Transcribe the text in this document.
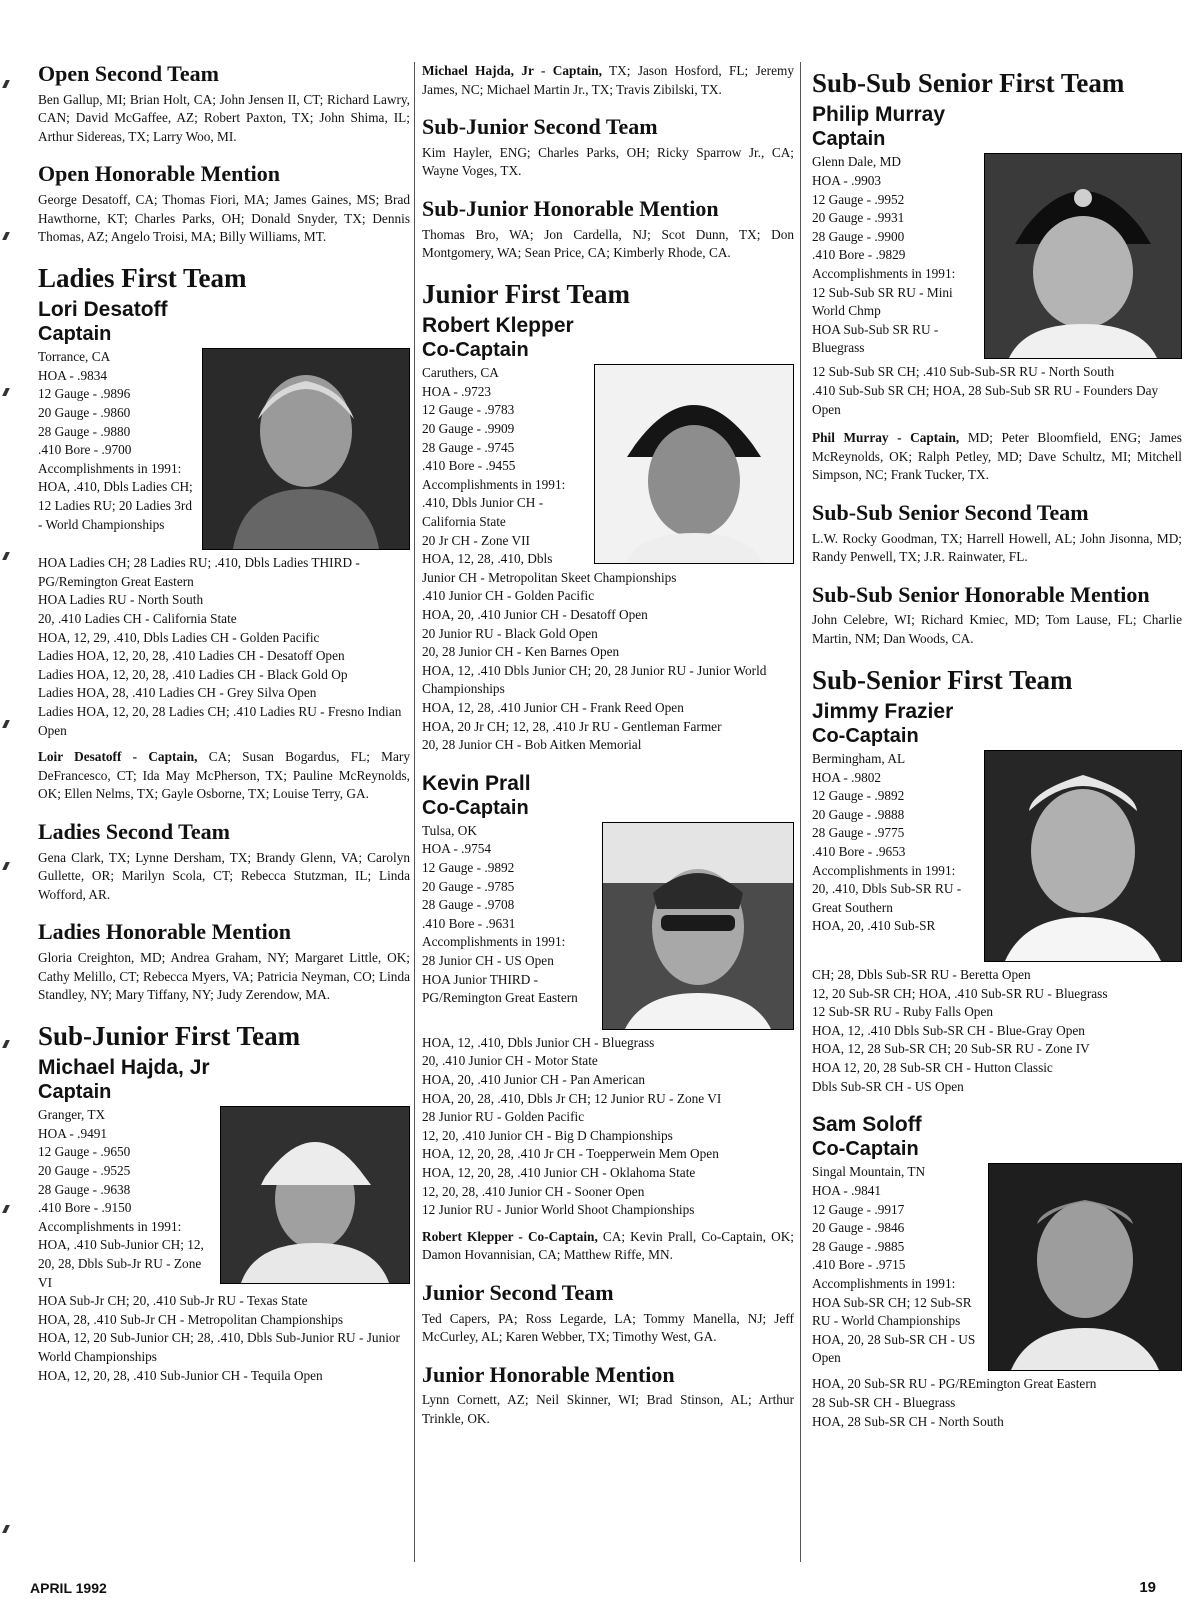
Open Second Team

Ben Gallup, MI; Brian Holt, CA; John Jensen II, CT; Richard Lawry, CAN; David McGaffee, AZ; Robert Paxton, TX; John Shima, IL; Arthur Sidereas, TX; Larry Woo, MI.

Open Honorable Mention

George Desatoff, CA; Thomas Fiori, MA; James Gaines, MS; Brad Hawthorne, KT; Charles Parks, OH; Donald Snyder, TX; Dennis Thomas, AZ; Angelo Troisi, MA; Billy Williams, MT.

Ladies First Team
Lori Desatoff
Captain
Torrance, CA
HOA - .9834
12 Gauge - .9896
20 Gauge - .9860
28 Gauge - .9880
.410 Bore - .9700
Accomplishments in 1991:
HOA, .410, Dbls Ladies CH; 12 Ladies RU; 20 Ladies 3rd - World Championships
HOA Ladies CH; 28 Ladies RU; .410, Dbls Ladies THIRD - PG/Remington Great Eastern
HOA Ladies RU - North South
20, .410 Ladies CH - California State
HOA, 12, 29, .410, Dbls Ladies CH - Golden Pacific
Ladies HOA, 12, 20, 28, .410 Ladies CH - Desatoff Open
Ladies HOA, 12, 20, 28, .410 Ladies CH - Black Gold Op
Ladies HOA, 28, .410 Ladies CH - Grey Silva Open
Ladies HOA, 12, 20, 28 Ladies CH; .410 Ladies RU - Fresno Indian Open

Loir Desatoff - Captain, CA; Susan Bogardus, FL; Mary DeFrancesco, CT; Ida May McPherson, TX; Pauline McReynolds, OK; Ellen Nelms, TX; Gayle Osborne, TX; Louise Terry, GA.

Ladies Second Team

Gena Clark, TX; Lynne Dersham, TX; Brandy Glenn, VA; Carolyn Gullette, OR; Marilyn Scola, CT; Rebecca Stutzman, IL; Linda Wofford, AR.

Ladies Honorable Mention

Gloria Creighton, MD; Andrea Graham, NY; Margaret Little, OK; Cathy Melillo, CT; Rebecca Myers, VA; Patricia Neyman, CO; Linda Standley, NY; Mary Tiffany, NY; Judy Zerendow, MA.

Sub-Junior First Team
Michael Hajda, Jr
Captain
Granger, TX
HOA - .9491
12 Gauge - .9650
20 Gauge - .9525
28 Gauge - .9638
.410 Bore - .9150
Accomplishments in 1991:
HOA, .410 Sub-Junior CH; 12, 20, 28, Dbls Sub-Jr RU - Zone VI
HOA Sub-Jr CH; 20, .410 Sub-Jr RU - Texas State
HOA, 28, .410 Sub-Jr CH - Metropolitan Championships
HOA, 12, 20 Sub-Junior CH; 28, .410, Dbls Sub-Junior RU - Junior World Championships
HOA, 12, 20, 28, .410 Sub-Junior CH - Tequila Open

Michael Hajda, Jr - Captain, TX; Jason Hosford, FL; Jeremy James, NC; Michael Martin Jr., TX; Travis Zibilski, TX.

Sub-Junior Second Team

Kim Hayler, ENG; Charles Parks, OH; Ricky Sparrow Jr., CA; Wayne Voges, TX.

Sub-Junior Honorable Mention

Thomas Bro, WA; Jon Cardella, NJ; Scot Dunn, TX; Don Montgomery, WA; Sean Price, CA; Kimberly Rhode, CA.

Junior First Team
Robert Klepper
Co-Captain
Caruthers, CA
HOA - .9723
12 Gauge - .9783
20 Gauge - .9909
28 Gauge - .9745
.410 Bore - .9455
Accomplishments in 1991:
.410, Dbls Junior CH - California State
20 Jr CH - Zone VII
HOA, 12, 28, .410, Dbls
Junior CH - Metropolitan Skeet Championships
.410 Junior CH - Golden Pacific
HOA, 20, .410 Junior CH - Desatoff Open
20 Junior RU - Black Gold Open
20, 28 Junior CH - Ken Barnes Open
HOA, 12, .410 Dbls Junior CH; 20, 28 Junior RU - Junior World Championships
HOA, 12, 28, .410 Junior CH - Frank Reed Open
HOA, 20 Jr CH; 12, 28, .410 Jr RU - Gentleman Farmer
20, 28 Junior CH - Bob Aitken Memorial
Kevin Prall
Co-Captain
Tulsa, OK
HOA - .9754
12 Gauge - .9892
20 Gauge - .9785
28 Gauge - .9708
.410 Bore - .9631
Accomplishments in 1991:
28 Junior CH - US Open
HOA Junior THIRD - PG/Remington Great Eastern
HOA, 12, .410, Dbls Junior CH - Bluegrass
20, .410 Junior CH - Motor State
HOA, 20, .410 Junior CH - Pan American
HOA, 20, 28, .410, Dbls Jr CH; 12 Junior RU - Zone VI
28 Junior RU - Golden Pacific
12, 20, .410 Junior CH - Big D Championships
HOA, 12, 20, 28, .410 Jr CH - Toepperwein Mem Open
HOA, 12, 20, 28, .410 Junior CH - Oklahoma State
12, 20, 28, .410 Junior CH - Sooner Open
12 Junior RU - Junior World Shoot Championships

Robert Klepper - Co-Captain, CA; Kevin Prall, Co-Captain, OK; Damon Hovannisian, CA; Matthew Riffe, MN.

Junior Second Team

Ted Capers, PA; Ross Legarde, LA; Tommy Manella, NJ; Jeff McCurley, AL; Karen Webber, TX; Timothy West, GA.

Junior Honorable Mention

Lynn Cornett, AZ; Neil Skinner, WI; Brad Stinson, AL; Arthur Trinkle, OK.

Sub-Sub Senior First Team
Philip Murray
Captain
Glenn Dale, MD
HOA - .9903
12 Gauge - .9952
20 Gauge - .9931
28 Gauge - .9900
.410 Bore - .9829
Accomplishments in 1991:
12 Sub-Sub SR RU - Mini World Chmp
HOA Sub-Sub SR RU - Bluegrass
12 Sub-Sub SR CH; .410 Sub-Sub-SR RU - North South
.410 Sub-Sub SR CH; HOA, 28 Sub-Sub SR RU - Founders Day Open

Phil Murray - Captain, MD; Peter Bloomfield, ENG; James McReynolds, OK; Ralph Petley, MD; Dave Schultz, MI; Mitchell Simpson, NC; Frank Tucker, TX.

Sub-Sub Senior Second Team

L.W. Rocky Goodman, TX; Harrell Howell, AL; John Jisonna, MD; Randy Penwell, TX; J.R. Rainwater, FL.

Sub-Sub Senior Honorable Mention

John Celebre, WI; Richard Kmiec, MD; Tom Lause, FL; Charlie Martin, NM; Dan Woods, CA.

Sub-Senior First Team
Jimmy Frazier
Co-Captain
Bermingham, AL
HOA - .9802
12 Gauge - .9892
20 Gauge - .9888
28 Gauge - .9775
.410 Bore - .9653
Accomplishments in 1991:
20, .410, Dbls Sub-SR RU - Great Southern
HOA, 20, .410 Sub-SR
CH; 28, Dbls Sub-SR RU - Beretta Open
12, 20 Sub-SR CH; HOA, .410 Sub-SR RU - Bluegrass
12 Sub-SR RU - Ruby Falls Open
HOA, 12, .410 Dbls Sub-SR CH - Blue-Gray Open
HOA, 12, 28 Sub-SR CH; 20 Sub-SR RU - Zone IV
HOA 12, 20, 28 Sub-SR CH - Hutton Classic
Dbls Sub-SR CH - US Open
Sam Soloff
Co-Captain
Singal Mountain, TN
HOA - .9841
12 Gauge - .9917
20 Gauge - .9846
28 Gauge - .9885
.410 Bore - .9715
Accomplishments in 1991:
HOA Sub-SR CH; 12 Sub-SR RU - World Championships
HOA, 20, 28 Sub-SR CH - US Open
HOA, 20 Sub-SR RU - PG/REmington Great Eastern
28 Sub-SR CH - Bluegrass
HOA, 28 Sub-SR CH - North South
APRIL 1992	19
